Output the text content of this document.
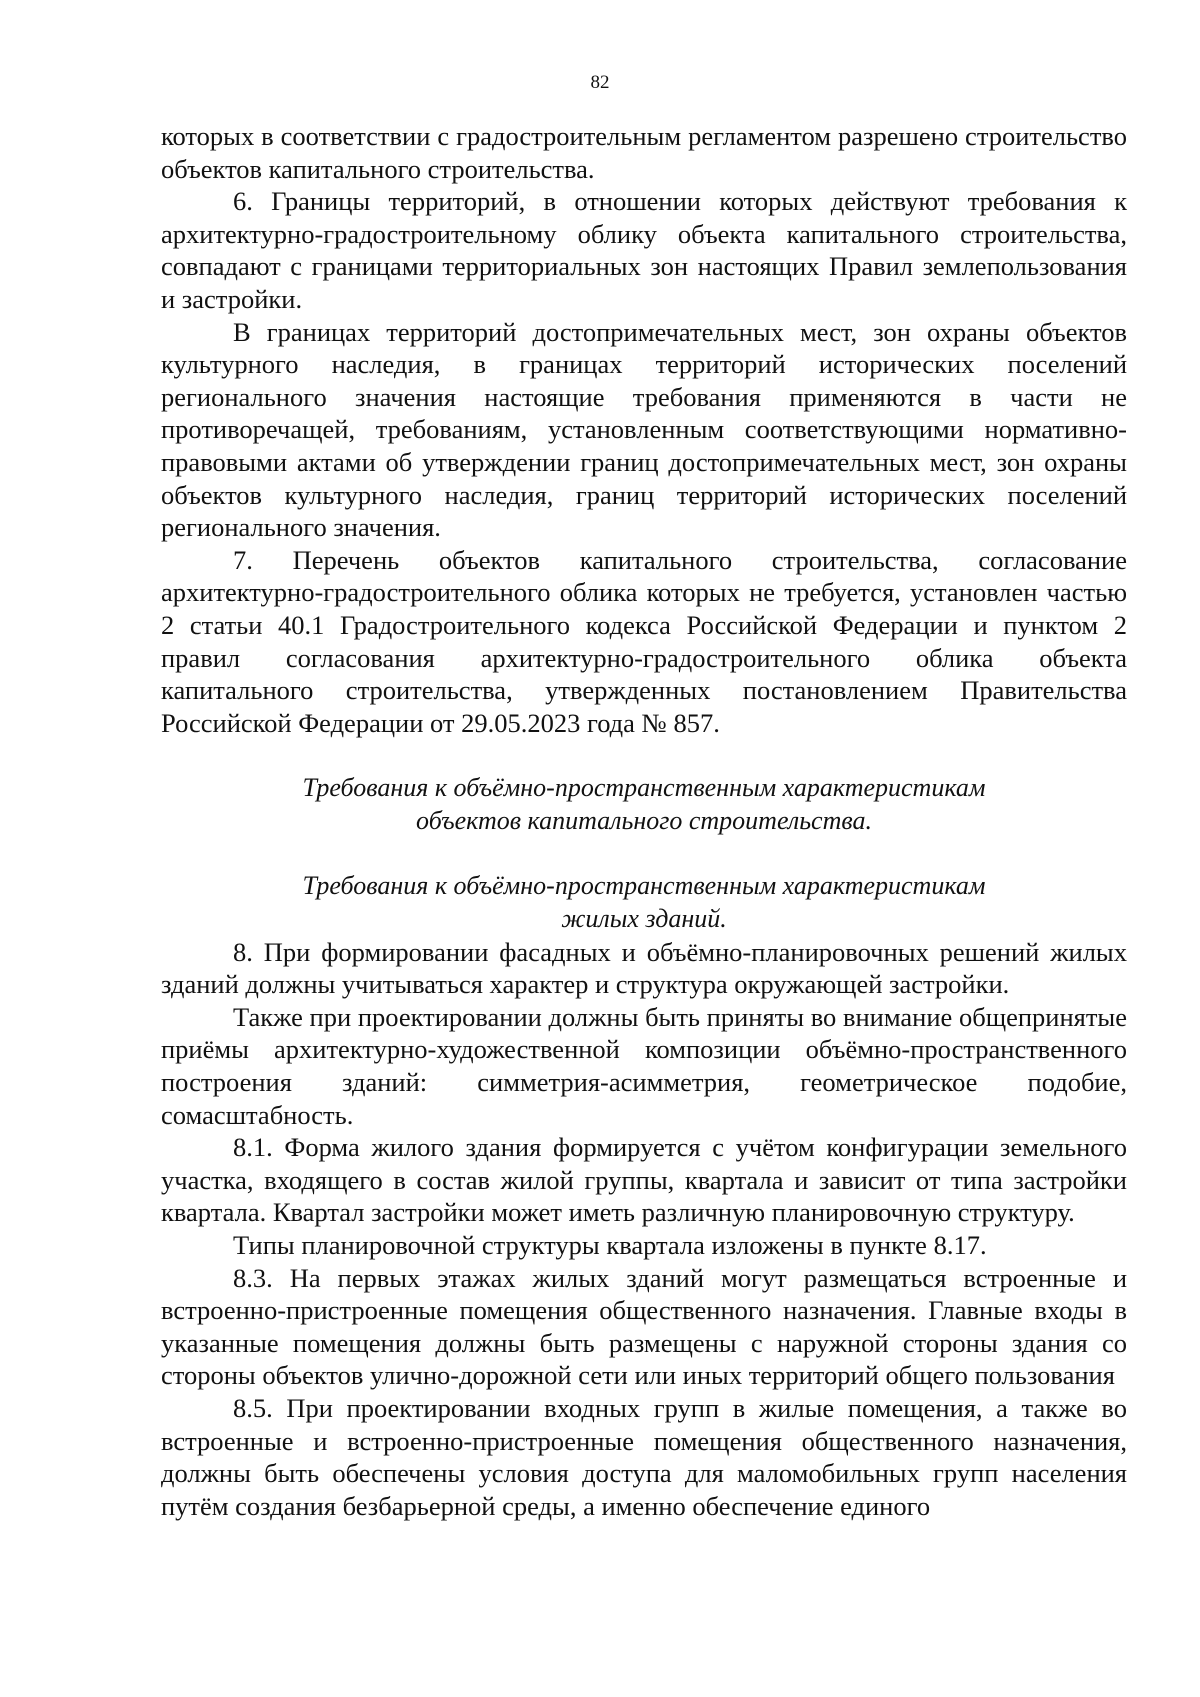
82

которых в соответствии с градостроительным регламентом разрешено строительство объектов капитального строительства.

6. Границы территорий, в отношении которых действуют требования к архитектурно-градостроительному облику объекта капитального строительства, совпадают с границами территориальных зон настоящих Правил землепользования и застройки.

В границах территорий достопримечательных мест, зон охраны объектов культурного наследия, в границах территорий исторических поселений регионального значения настоящие требования применяются в части не противоречащей, требованиям, установленным соответствующими нормативно-правовыми актами об утверждении границ достопримечательных мест, зон охраны объектов культурного наследия, границ территорий исторических поселений регионального значения.

7. Перечень объектов капитального строительства, согласование архитектурно-градостроительного облика которых не требуется, установлен частью 2 статьи 40.1 Градостроительного кодекса Российской Федерации и пунктом 2 правил согласования архитектурно-градостроительного облика объекта капитального строительства, утвержденных постановлением Правительства Российской Федерации от 29.05.2023 года № 857.

Требования к объёмно-пространственным характеристикам
объектов капитального строительства.
Требования к объёмно-пространственным характеристикам
жилых зданий.

8. При формировании фасадных и объёмно-планировочных решений жилых зданий должны учитываться характер и структура окружающей застройки.

Также при проектировании должны быть приняты во внимание общепринятые приёмы архитектурно-художественной композиции объёмно-пространственного построения зданий: симметрия-асимметрия, геометрическое подобие, сомасштабность.

8.1. Форма жилого здания формируется с учётом конфигурации земельного участка, входящего в состав жилой группы, квартала и зависит от типа застройки квартала. Квартал застройки может иметь различную планировочную структуру.

Типы планировочной структуры квартала изложены в пункте 8.17.

8.3. На первых этажах жилых зданий могут размещаться встроенные и встроенно-пристроенные помещения общественного назначения. Главные входы в указанные помещения должны быть размещены с наружной стороны здания со стороны объектов улично-дорожной сети или иных территорий общего пользования

8.5. При проектировании входных групп в жилые помещения, а также во встроенные и встроенно-пристроенные помещения общественного назначения, должны быть обеспечены условия доступа для маломобильных групп населения путём создания безбарьерной среды, а именно обеспечение единого
